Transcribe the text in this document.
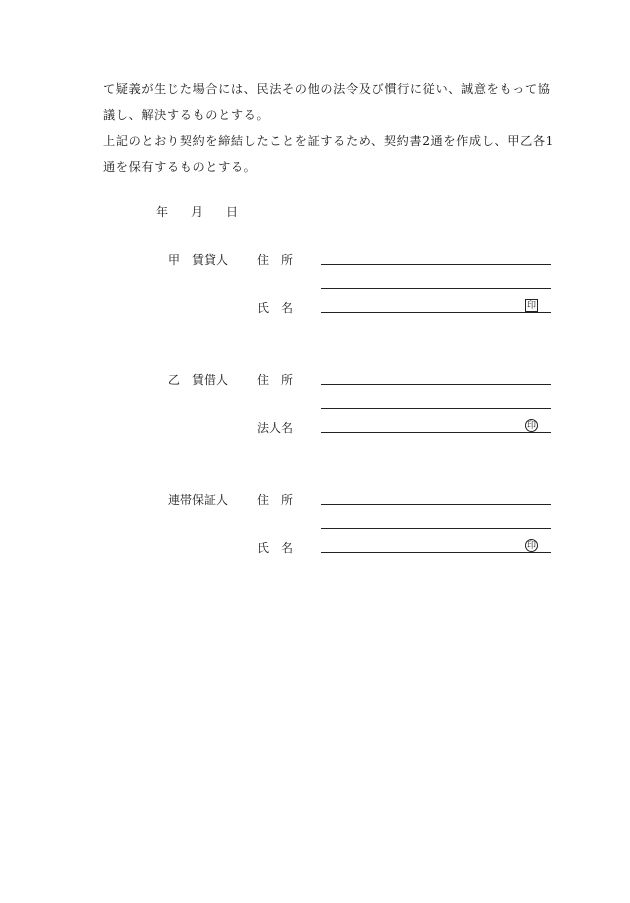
て疑義が生じた場合には、民法その他の法令及び慣行に従い、誠意をもって協

議し、解決するものとする。

上記のとおり契約を締結したことを証するため、契約書2通を作成し、甲乙各1

通を保有するものとする。

年 月 日
甲　賃貸人 住　所
氏　名	印
乙　賃借人 住　所
法人名	印
連帯保証人 住　所
氏　名	印
